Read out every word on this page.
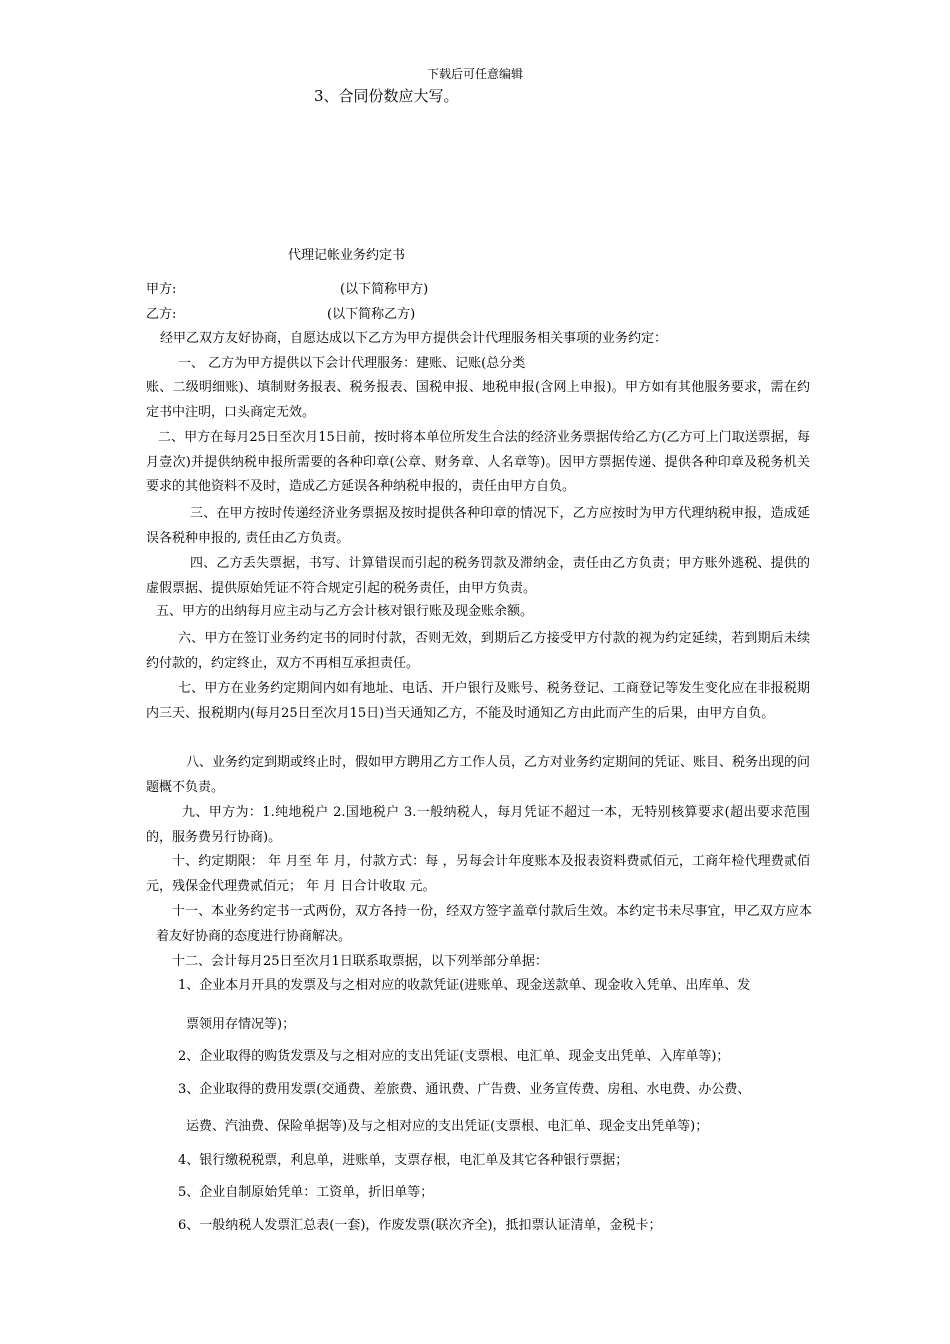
下载后可任意编辑
3、合同份数应大写。
代理记帐业务约定书
甲方:	(以下简称甲方)
乙方:	(以下简称乙方)
经甲乙双方友好协商，自愿达成以下乙方为甲方提供会计代理服务相关事项的业务约定：
一、 乙方为甲方提供以下会计代理服务：建账、记账(总分类
账、二级明细账)、填制财务报表、税务报表、国税申报、地税申报(含网上申报)。甲方如有其他服务要求，需在约定书中注明，口头商定无效。
二、甲方在每月25日至次月15日前，按时将本单位所发生合法的经济业务票据传给乙方(乙方可上门取送票据，每月壹次)并提供纳税申报所需要的各种印章(公章、财务章、人名章等)。因甲方票据传递、提供各种印章及税务机关要求的其他资料不及时，造成乙方延误各种纳税申报的，责任由甲方自负。
三、在甲方按时传递经济业务票据及按时提供各种印章的情况下，乙方应按时为甲方代理纳税申报，造成延误各税种申报的, 责任由乙方负责。
四、乙方丢失票据，书写、计算错误而引起的税务罚款及滞纳金，责任由乙方负责；甲方账外逃税、提供的虚假票据、提供原始凭证不符合规定引起的税务责任，由甲方负责。
五、甲方的出纳每月应主动与乙方会计核对银行账及现金账余额。
六、甲方在签订业务约定书的同时付款，否则无效，到期后乙方接受甲方付款的视为约定延续，若到期后未续约付款的，约定终止，双方不再相互承担责任。
七、甲方在业务约定期间内如有地址、电话、开户银行及账号、税务登记、工商登记等发生变化应在非报税期内三天、报税期内(每月25日至次月15日)当天通知乙方，不能及时通知乙方由此而产生的后果，由甲方自负。
八、业务约定到期或终止时，假如甲方聘用乙方工作人员，乙方对业务约定期间的凭证、账目、税务出现的问题概不负责。
九、甲方为：1.纯地税户 2.国地税户 3.一般纳税人，每月凭证不超过一本，无特别核算要求(超出要求范围的，服务费另行协商)。
十、约定期限： 年 月至 年 月，付款方式：每 ，另每会计年度账本及报表资料费贰佰元，工商年检代理费贰佰元，残保金代理费贰佰元； 年 月 日合计收取 元。
十一、本业务约定书一式两份，双方各持一份，经双方签字盖章付款后生效。本约定书未尽事宜，甲乙双方应本着友好协商的态度进行协商解决。
十二、会计每月25日至次月1日联系取票据，以下列举部分单据：
1、企业本月开具的发票及与之相对应的收款凭证(进账单、现金送款单、现金收入凭单、出库单、发
票领用存情况等)；
2、企业取得的购货发票及与之相对应的支出凭证(支票根、电汇单、现金支出凭单、入库单等)；
3、企业取得的费用发票(交通费、差旅费、通讯费、广告费、业务宣传费、房租、水电费、办公费、
运费、汽油费、保险单据等)及与之相对应的支出凭证(支票根、电汇单、现金支出凭单等)；
4、银行缴税税票，利息单，进账单，支票存根，电汇单及其它各种银行票据；
5、企业自制原始凭单：工资单，折旧单等；
6、一般纳税人发票汇总表(一套)，作废发票(联次齐全)，抵扣票认证清单，金税卡；
